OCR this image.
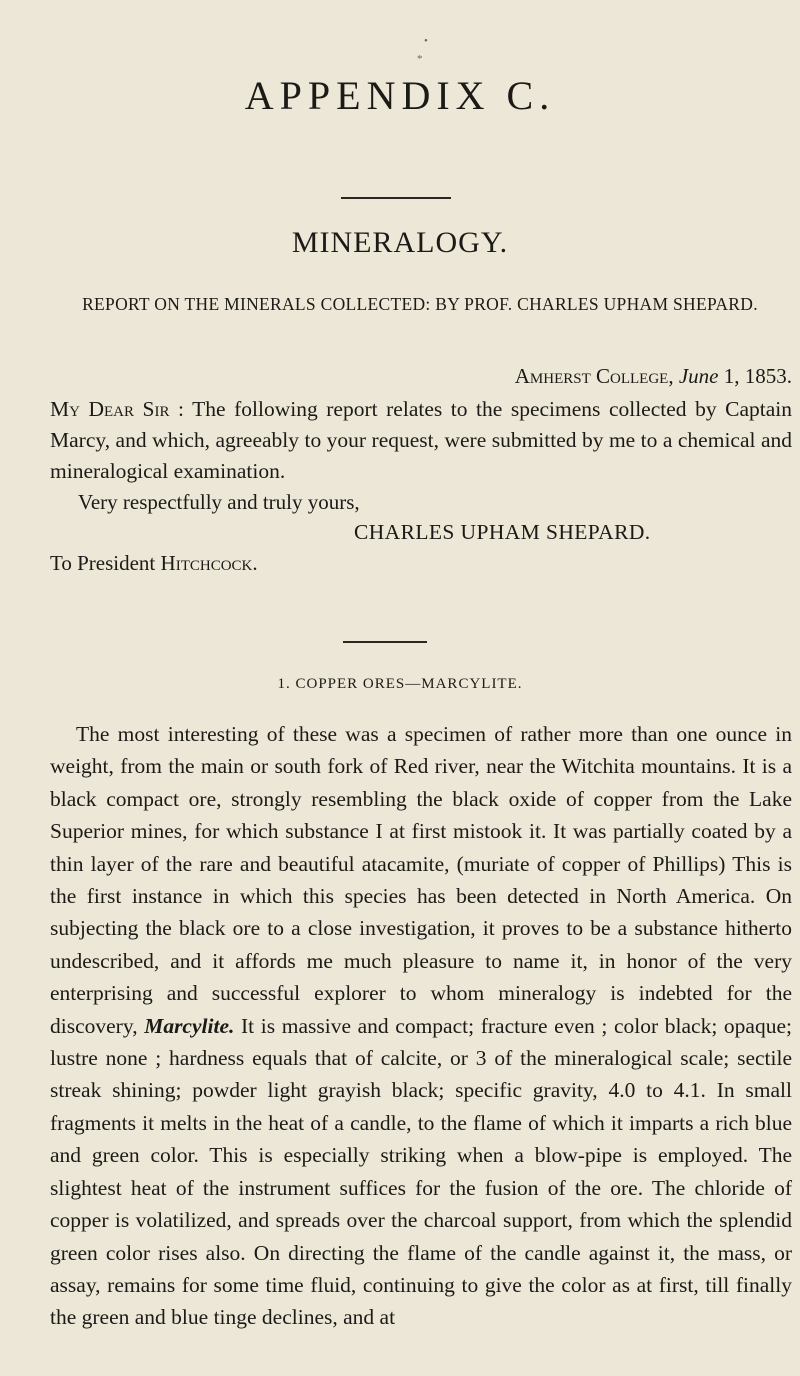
•
*
APPENDIX C.
MINERALOGY.

REPORT ON THE MINERALS COLLECTED: BY PROF. CHARLES UPHAM SHEPARD.

Amherst College, June 1, 1853.

My Dear Sir : The following report relates to the specimens collected by Captain Marcy, and which, agreeably to your request, were submitted by me to a chemical and mineralogical examination.

Very respectfully and truly yours,
CHARLES UPHAM SHEPARD.
To President Hitchcock.
1. COPPER ORES—MARCYLITE.

The most interesting of these was a specimen of rather more than one ounce in weight, from the main or south fork of Red river, near the Witchita mountains. It is a black compact ore, strongly resembling the black oxide of copper from the Lake Superior mines, for which substance I at first mistook it. It was partially coated by a thin layer of the rare and beautiful atacamite, (muriate of copper of Phillips) This is the first instance in which this species has been detected in North America. On subjecting the black ore to a close investigation, it proves to be a substance hitherto undescribed, and it affords me much pleasure to name it, in honor of the very enterprising and successful explorer to whom mineralogy is indebted for the discovery, Marcylite. It is massive and compact; fracture even ; color black; opaque; lustre none ; hardness equals that of calcite, or 3 of the mineralogical scale; sectile streak shining; powder light grayish black; specific gravity, 4.0 to 4.1. In small fragments it melts in the heat of a candle, to the flame of which it imparts a rich blue and green color. This is especially striking when a blow-pipe is employed. The slightest heat of the instrument suffices for the fusion of the ore. The chloride of copper is volatilized, and spreads over the charcoal support, from which the splendid green color rises also. On directing the flame of the candle against it, the mass, or assay, remains for some time fluid, continuing to give the color as at first, till finally the green and blue tinge declines, and at
